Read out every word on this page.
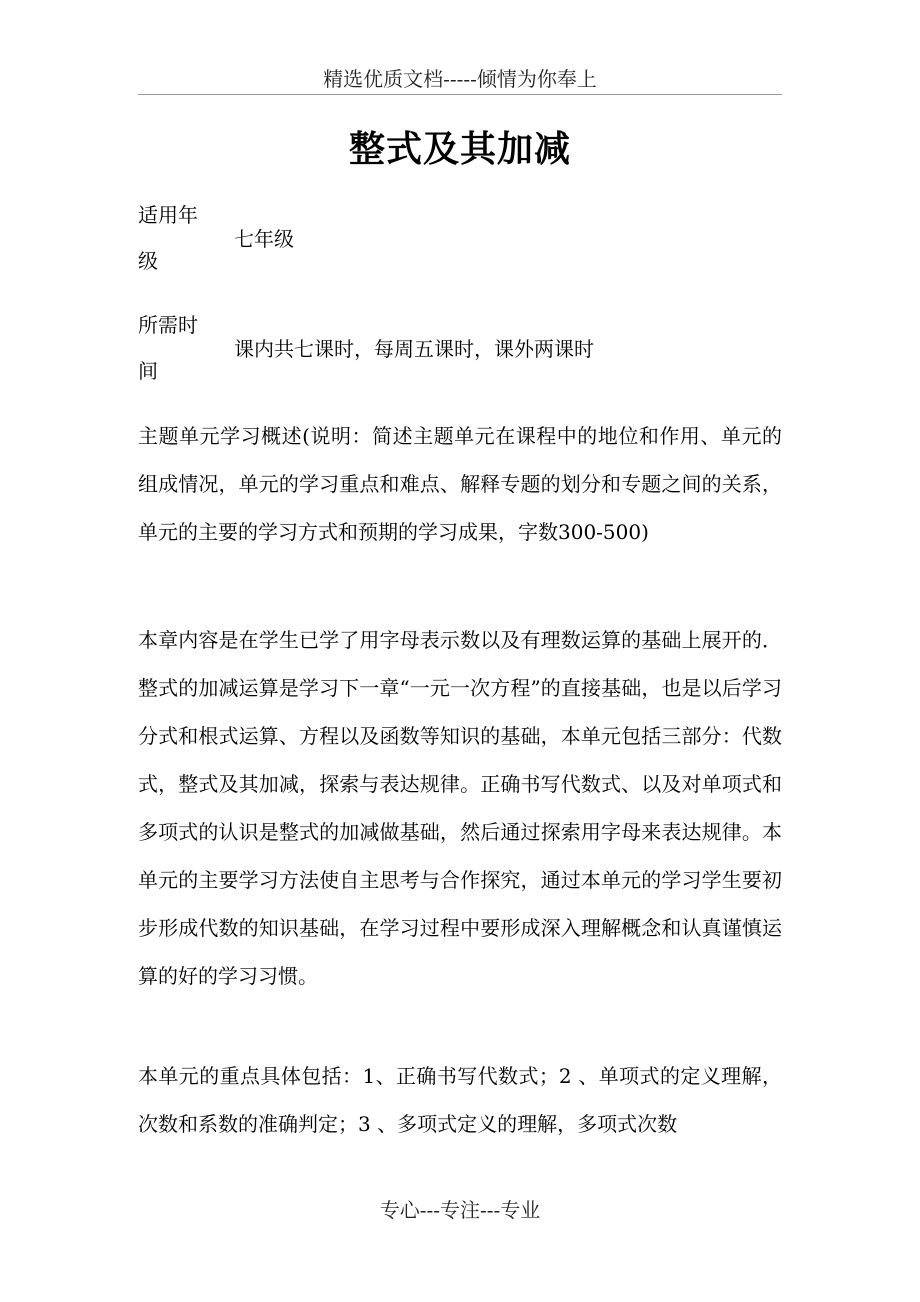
精选优质文档-----倾情为你奉上
整式及其加减
适用年级
七年级
所需时间
课内共七课时，每周五课时，课外两课时

主题单元学习概述(说明：简述主题单元在课程中的地位和作用、单元的组成情况，单元的学习重点和难点、解释专题的划分和专题之间的关系，单元的主要的学习方式和预期的学习成果，字数300-500)

本章内容是在学生已学了用字母表示数以及有理数运算的基础上展开的．整式的加减运算是学习下一章“一元一次方程”的直接基础，也是以后学习分式和根式运算、方程以及函数等知识的基础，本单元包括三部分：代数式，整式及其加减，探索与表达规律。正确书写代数式、以及对单项式和多项式的认识是整式的加减做基础，然后通过探索用字母来表达规律。本单元的主要学习方法使自主思考与合作探究，通过本单元的学习学生要初步形成代数的知识基础，在学习过程中要形成深入理解概念和认真谨慎运算的好的学习习惯。

本单元的重点具体包括：1、正确书写代数式；2 、单项式的定义理解，次数和系数的准确判定；3 、多项式定义的理解，多项式次数

专心---专注---专业
